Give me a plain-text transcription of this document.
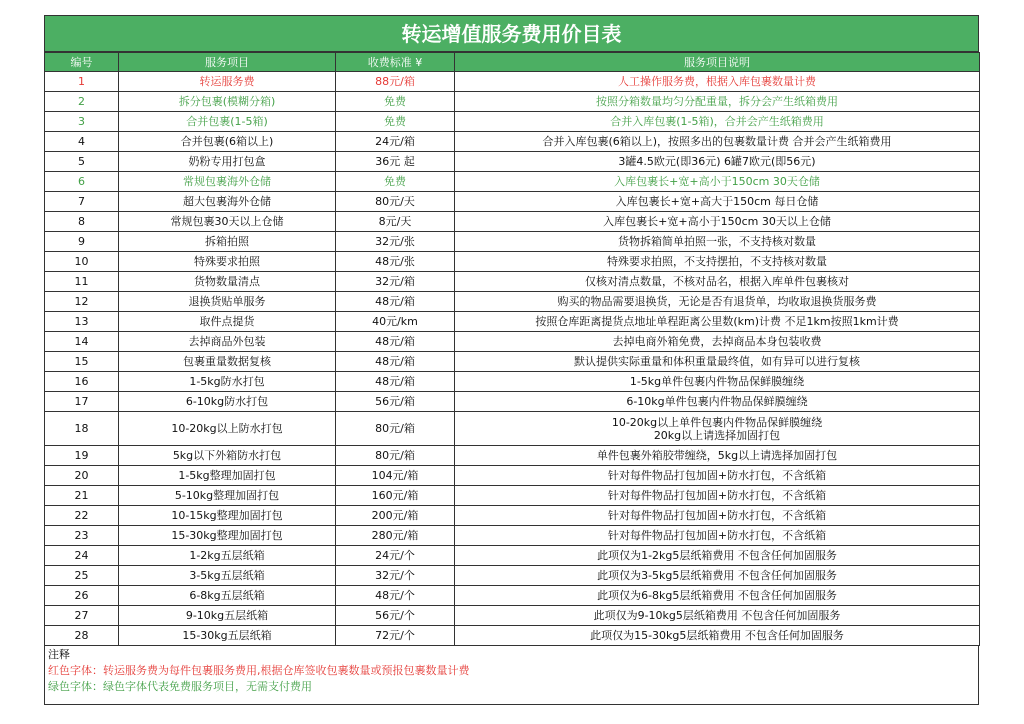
转运增值服务费用价目表
编号	服务项目	收费标准 ¥	服务项目说明
1	转运服务费	88元/箱	人工操作服务费，根据入库包裹数量计费

2	拆分包裹(模糊分箱)	免费	按照分箱数量均匀分配重量，拆分会产生纸箱费用

3	合并包裹(1-5箱)	免费	合并入库包裹(1-5箱)，合并会产生纸箱费用

4	合并包裹(6箱以上)	24元/箱	合并入库包裹(6箱以上)，按照多出的包裹数量计费 合并会产生纸箱费用

5	奶粉专用打包盒	36元 起	3罐4.5欧元(即36元) 6罐7欧元(即56元)

6	常规包裹海外仓储	免费	入库包裹长+宽+高小于150cm 30天仓储

7	超大包裹海外仓储	80元/天	入库包裹长+宽+高大于150cm 每日仓储

8	常规包裹30天以上仓储	8元/天	入库包裹长+宽+高小于150cm 30天以上仓储

9	拆箱拍照	32元/张	货物拆箱简单拍照一张，不支持核对数量

10	特殊要求拍照	48元/张	特殊要求拍照，不支持摆拍，不支持核对数量

11	货物数量清点	32元/箱	仅核对清点数量，不核对品名，根据入库单件包裹核对

12	退换货贴单服务	48元/箱	购买的物品需要退换货，无论是否有退货单，均收取退换货服务费

13	取件点提货	40元/km	按照仓库距离提货点地址单程距离公里数(km)计费 不足1km按照1km计费

14	去掉商品外包装	48元/箱	去掉电商外箱免费，去掉商品本身包装收费

15	包裹重量数据复核	48元/箱	默认提供实际重量和体积重量最终值，如有异可以进行复核

16	1-5kg防水打包	48元/箱	1-5kg单件包裹内件物品保鲜膜缠绕

17	6-10kg防水打包	56元/箱	6-10kg单件包裹内件物品保鲜膜缠绕

18	10-20kg以上防水打包	80元/箱	10-20kg以上单件包裹内件物品保鲜膜缠绕
20kg以上请选择加固打包

19	5kg以下外箱防水打包	80元/箱	单件包裹外箱胶带缠绕，5kg以上请选择加固打包

20	1-5kg整理加固打包	104元/箱	针对每件物品打包加固+防水打包，不含纸箱

21	5-10kg整理加固打包	160元/箱	针对每件物品打包加固+防水打包，不含纸箱

22	10-15kg整理加固打包	200元/箱	针对每件物品打包加固+防水打包，不含纸箱

23	15-30kg整理加固打包	280元/箱	针对每件物品打包加固+防水打包，不含纸箱

24	1-2kg五层纸箱	24元/个	此项仅为1-2kg5层纸箱费用 不包含任何加固服务

25	3-5kg五层纸箱	32元/个	此项仅为3-5kg5层纸箱费用 不包含任何加固服务

26	6-8kg五层纸箱	48元/个	此项仅为6-8kg5层纸箱费用 不包含任何加固服务

27	9-10kg五层纸箱	56元/个	此项仅为9-10kg5层纸箱费用 不包含任何加固服务

28	15-30kg五层纸箱	72元/个	此项仅为15-30kg5层纸箱费用 不包含任何加固服务
注释
红色字体：转运服务费为每件包裹服务费用,根据仓库签收包裹数量或预报包裹数量计费
绿色字体：绿色字体代表免费服务项目，无需支付费用
